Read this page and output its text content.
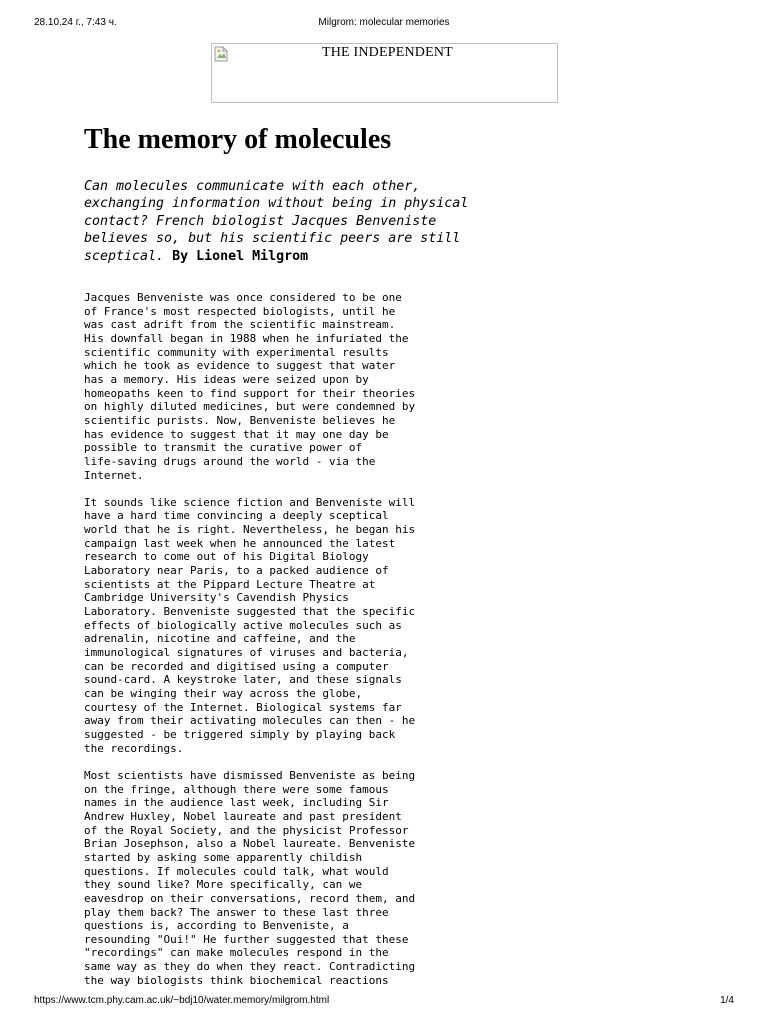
28.10.24 г., 7:43 ч.	Milgrom: molecular memories
THE INDEPENDENT
The memory of molecules

Can molecules communicate with each other,
exchanging information without being in physical
contact? French biologist Jacques Benveniste
believes so, but his scientific peers are still
sceptical. By Lionel Milgrom

Jacques Benveniste was once considered to be one
of France's most respected biologists, until he
was cast adrift from the scientific mainstream.
His downfall began in 1988 when he infuriated the
scientific community with experimental results
which he took as evidence to suggest that water
has a memory. His ideas were seized upon by
homeopaths keen to find support for their theories
on highly diluted medicines, but were condemned by
scientific purists. Now, Benveniste believes he
has evidence to suggest that it may one day be
possible to transmit the curative power of
life-saving drugs around the world - via the
Internet.

It sounds like science fiction and Benveniste will
have a hard time convincing a deeply sceptical
world that he is right. Nevertheless, he began his
campaign last week when he announced the latest
research to come out of his Digital Biology
Laboratory near Paris, to a packed audience of
scientists at the Pippard Lecture Theatre at
Cambridge University's Cavendish Physics
Laboratory. Benveniste suggested that the specific
effects of biologically active molecules such as
adrenalin, nicotine and caffeine, and the
immunological signatures of viruses and bacteria,
can be recorded and digitised using a computer
sound-card. A keystroke later, and these signals
can be winging their way across the globe,
courtesy of the Internet. Biological systems far
away from their activating molecules can then - he
suggested - be triggered simply by playing back
the recordings.

Most scientists have dismissed Benveniste as being
on the fringe, although there were some famous
names in the audience last week, including Sir
Andrew Huxley, Nobel laureate and past president
of the Royal Society, and the physicist Professor
Brian Josephson, also a Nobel laureate. Benveniste
started by asking some apparently childish
questions. If molecules could talk, what would
they sound like? More specifically, can we
eavesdrop on their conversations, record them, and
play them back? The answer to these last three
questions is, according to Benveniste, a
resounding "Oui!" He further suggested that these
"recordings" can make molecules respond in the
same way as they do when they react. Contradicting
the way biologists think biochemical reactions

https://www.tcm.phy.cam.ac.uk/~bdj10/water.memory/milgrom.html	1/4
